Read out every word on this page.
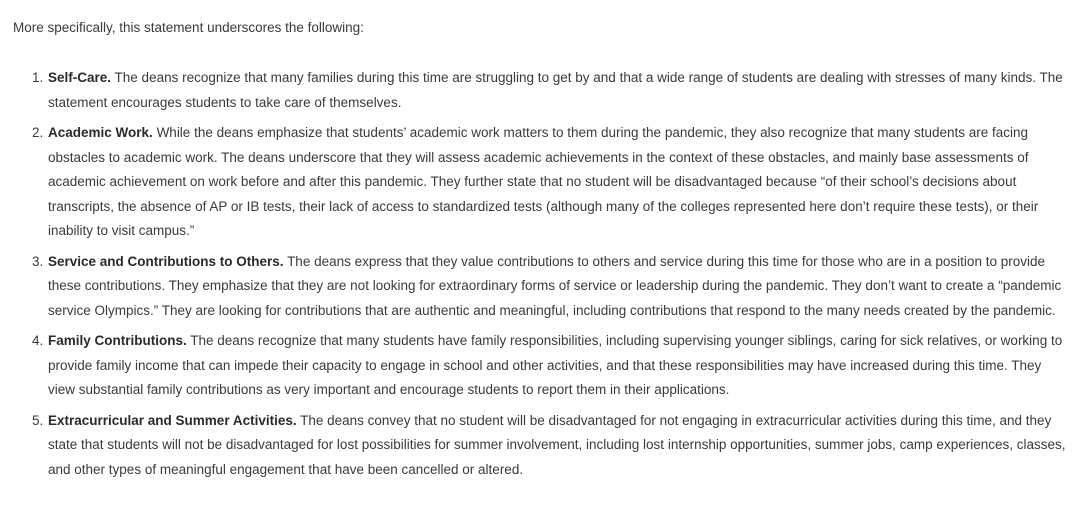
More specifically, this statement underscores the following:

1. Self-Care. The deans recognize that many families during this time are struggling to get by and that a wide range of students are dealing with stresses of many kinds. The statement encourages students to take care of themselves.
2. Academic Work. While the deans emphasize that students’ academic work matters to them during the pandemic, they also recognize that many students are facing obstacles to academic work. The deans underscore that they will assess academic achievements in the context of these obstacles, and mainly base assessments of academic achievement on work before and after this pandemic. They further state that no student will be disadvantaged because “of their school’s decisions about transcripts, the absence of AP or IB tests, their lack of access to standardized tests (although many of the colleges represented here don’t require these tests), or their inability to visit campus.”
3. Service and Contributions to Others. The deans express that they value contributions to others and service during this time for those who are in a position to provide these contributions. They emphasize that they are not looking for extraordinary forms of service or leadership during the pandemic. They don’t want to create a “pandemic service Olympics.” They are looking for contributions that are authentic and meaningful, including contributions that respond to the many needs created by the pandemic.
4. Family Contributions. The deans recognize that many students have family responsibilities, including supervising younger siblings, caring for sick relatives, or working to provide family income that can impede their capacity to engage in school and other activities, and that these responsibilities may have increased during this time. They view substantial family contributions as very important and encourage students to report them in their applications.
5. Extracurricular and Summer Activities. The deans convey that no student will be disadvantaged for not engaging in extracurricular activities during this time, and they state that students will not be disadvantaged for lost possibilities for summer involvement, including lost internship opportunities, summer jobs, camp experiences, classes, and other types of meaningful engagement that have been cancelled or altered.
